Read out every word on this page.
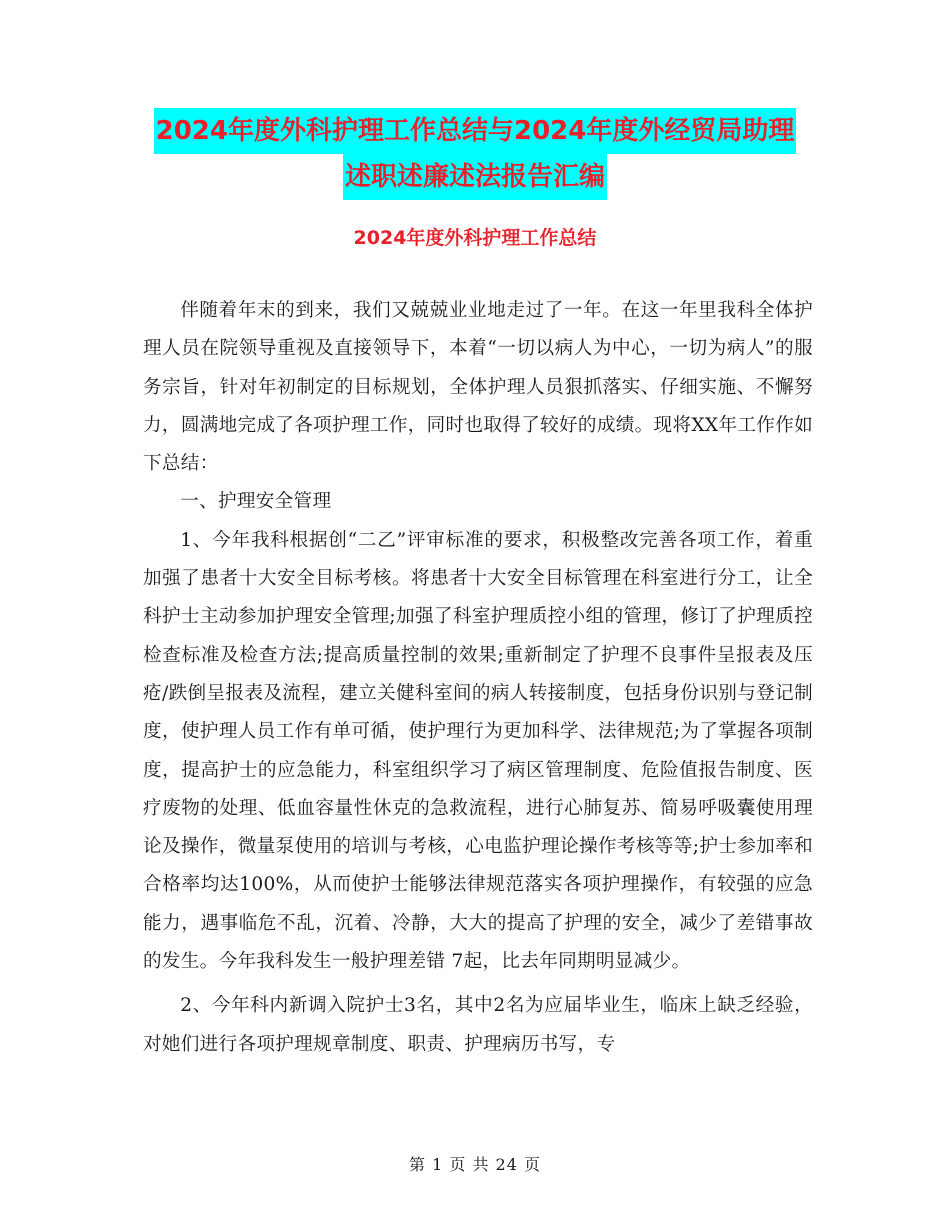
2024年度外科护理工作总结与2024年度外经贸局助理
述职述廉述法报告汇编
2024年度外科护理工作总结

伴随着年末的到来，我们又兢兢业业地走过了一年。在这一年里我科全体护理人员在院领导重视及直接领导下，本着“一切以病人为中心，一切为病人”的服务宗旨，针对年初制定的目标规划，全体护理人员狠抓落实、仔细实施、不懈努力，圆满地完成了各项护理工作，同时也取得了较好的成绩。现将XX年工作作如下总结：

一、护理安全管理

1、今年我科根据创“二乙”评审标准的要求，积极整改完善各项工作，着重加强了患者十大安全目标考核。将患者十大安全目标管理在科室进行分工，让全科护士主动参加护理安全管理;加强了科室护理质控小组的管理，修订了护理质控检查标准及检查方法;提高质量控制的效果;重新制定了护理不良事件呈报表及压疮/跌倒呈报表及流程，建立关健科室间的病人转接制度，包括身份识别与登记制度，使护理人员工作有单可循，使护理行为更加科学、法律规范;为了掌握各项制度，提高护士的应急能力，科室组织学习了病区管理制度、危险值报告制度、医疗废物的处理、低血容量性休克的急救流程，进行心肺复苏、简易呼吸囊使用理论及操作，微量泵使用的培训与考核，心电监护理论操作考核等等;护士参加率和合格率均达100%，从而使护士能够法律规范落实各项护理操作，有较强的应急能力，遇事临危不乱，沉着、冷静，大大的提高了护理的安全，减少了差错事故的发生。今年我科发生一般护理差错 7起，比去年同期明显减少。

2、今年科内新调入院护士3名，其中2名为应届毕业生，临床上缺乏经验，对她们进行各项护理规章制度、职责、护理病历书写，专

第 1 页 共 24 页
